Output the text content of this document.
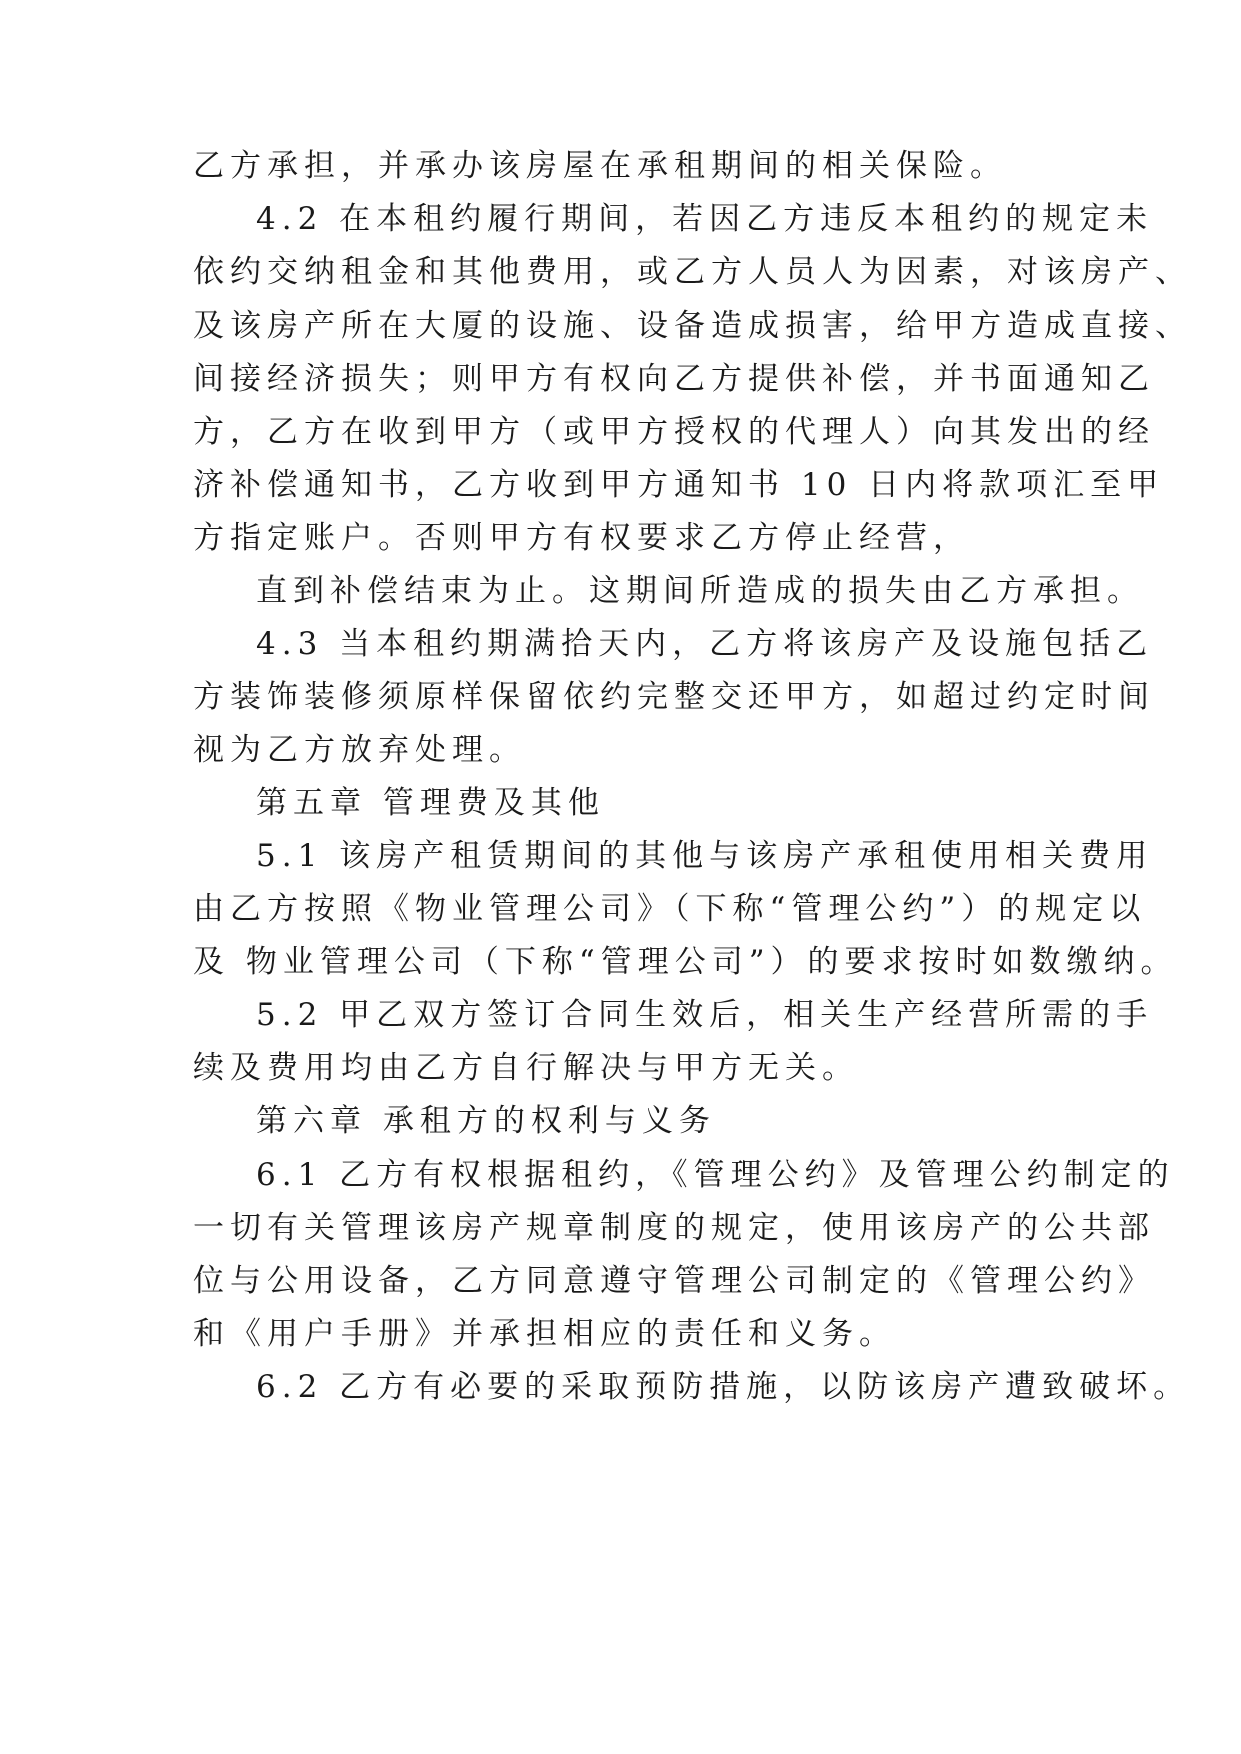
乙方承担，并承办该房屋在承租期间的相关保险。
4.2 在本租约履行期间，若因乙方违反本租约的规定未
依约交纳租金和其他费用，或乙方人员人为因素，对该房产、
及该房产所在大厦的设施、设备造成损害，给甲方造成直接、
间接经济损失；则甲方有权向乙方提供补偿，并书面通知乙
方，乙方在收到甲方（或甲方授权的代理人）向其发出的经
济补偿通知书，乙方收到甲方通知书 10 日内将款项汇至甲
方指定账户。否则甲方有权要求乙方停止经营，
直到补偿结束为止。这期间所造成的损失由乙方承担。
4.3 当本租约期满拾天内，乙方将该房产及设施包括乙
方装饰装修须原样保留依约完整交还甲方，如超过约定时间
视为乙方放弃处理。
第五章 管理费及其他
5.1 该房产租赁期间的其他与该房产承租使用相关费用
由乙方按照《物业管理公司》（下称“管理公约”）的规定以
及 物业管理公司（下称“管理公司”）的要求按时如数缴纳。
5.2 甲乙双方签订合同生效后，相关生产经营所需的手
续及费用均由乙方自行解决与甲方无关。
第六章 承租方的权利与义务
6.1 乙方有权根据租约，《管理公约》及管理公约制定的
一切有关管理该房产规章制度的规定，使用该房产的公共部
位与公用设备，乙方同意遵守管理公司制定的《管理公约》
和《用户手册》并承担相应的责任和义务。
6.2 乙方有必要的采取预防措施，以防该房产遭致破坏。
